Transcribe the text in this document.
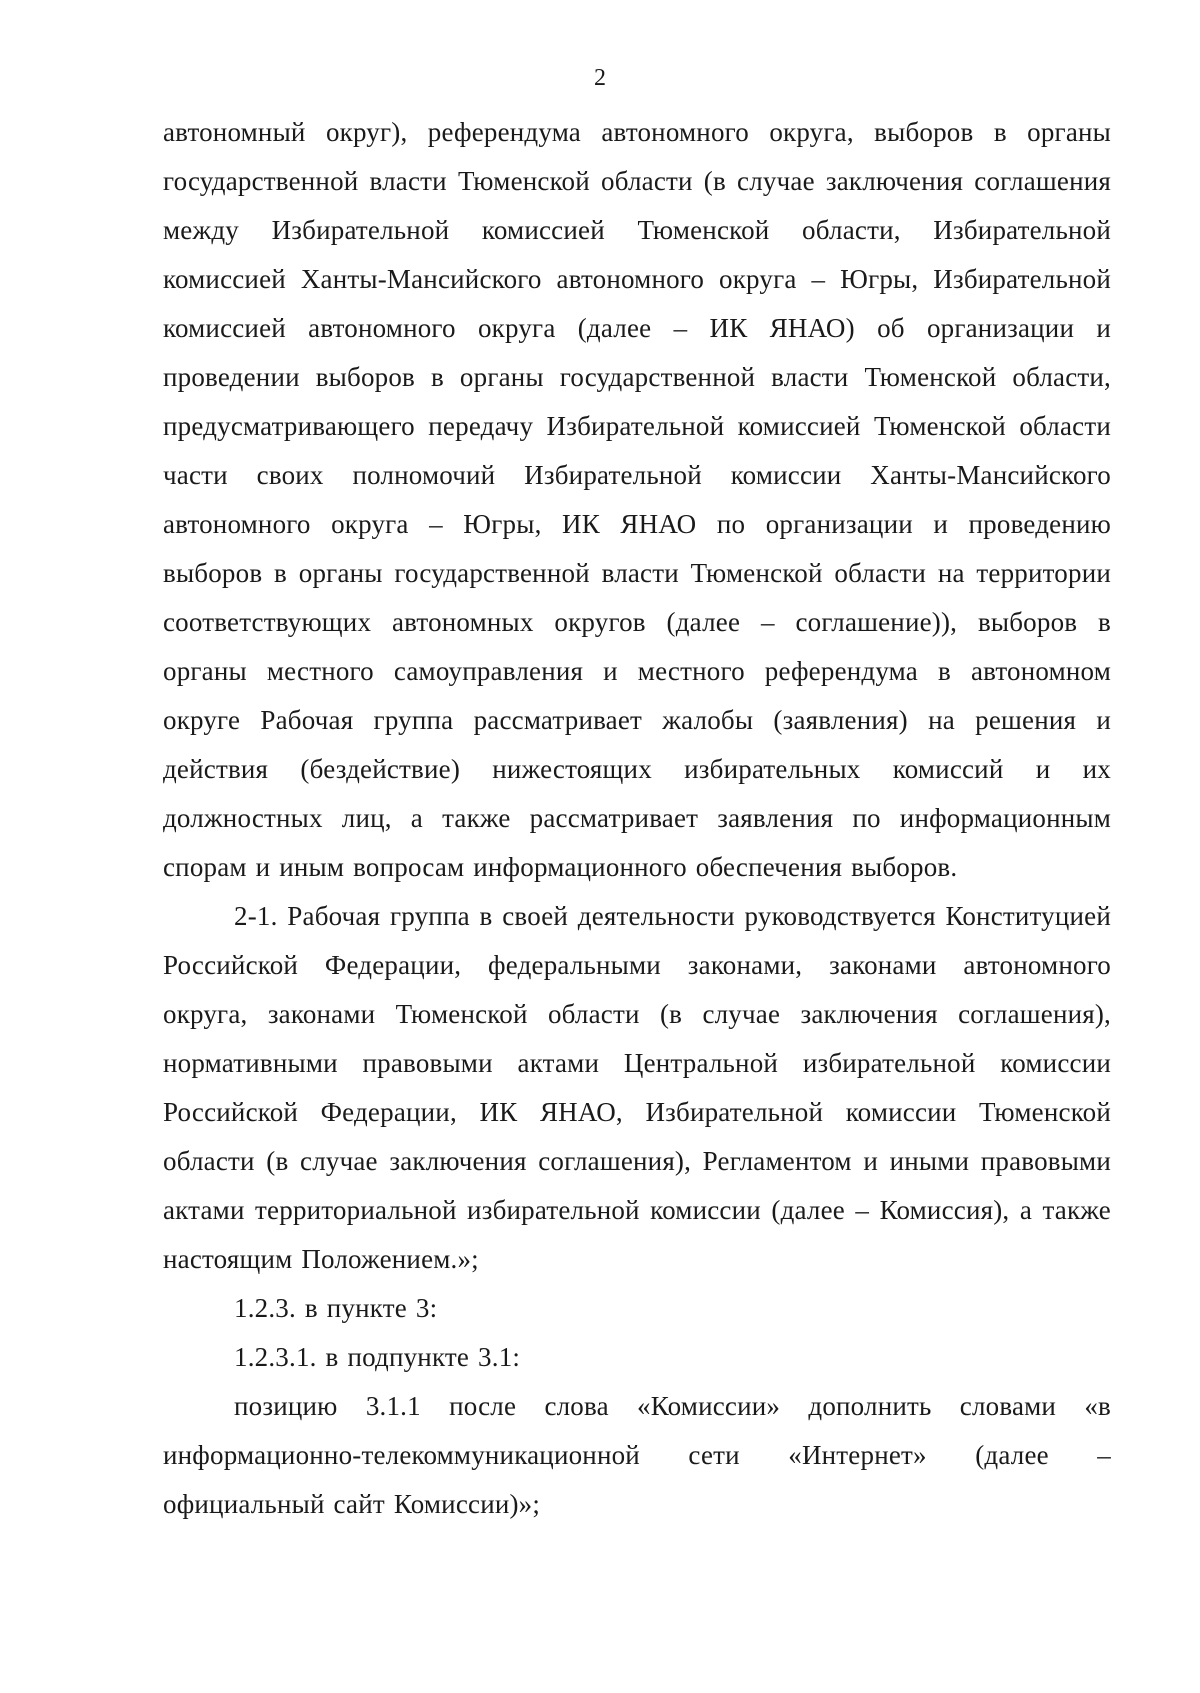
2

автономный округ), референдума автономного округа, выборов в органы государственной власти Тюменской области (в случае заключения соглашения между Избирательной комиссией Тюменской области, Избирательной комиссией Ханты-Мансийского автономного округа – Югры, Избирательной комиссией автономного округа (далее – ИК ЯНАО) об организации и проведении выборов в органы государственной власти Тюменской области, предусматривающего передачу Избирательной комиссией Тюменской области части своих полномочий Избирательной комиссии Ханты-Мансийского автономного округа – Югры, ИК ЯНАО по организации и проведению выборов в органы государственной власти Тюменской области на территории соответствующих автономных округов (далее – соглашение)), выборов в органы местного самоуправления и местного референдума в автономном округе Рабочая группа рассматривает жалобы (заявления) на решения и действия (бездействие) нижестоящих избирательных комиссий и их должностных лиц, а также рассматривает заявления по информационным спорам и иным вопросам информационного обеспечения выборов.

2-1. Рабочая группа в своей деятельности руководствуется Конституцией Российской Федерации, федеральными законами, законами автономного округа, законами Тюменской области (в случае заключения соглашения), нормативными правовыми актами Центральной избирательной комиссии Российской Федерации, ИК ЯНАО, Избирательной комиссии Тюменской области (в случае заключения соглашения), Регламентом и иными правовыми актами территориальной избирательной комиссии (далее – Комиссия), а также настоящим Положением.»;

1.2.3. в пункте 3:

1.2.3.1. в подпункте 3.1:

позицию 3.1.1 после слова «Комиссии» дополнить словами «в информационно-телекоммуникационной сети «Интернет» (далее – официальный сайт Комиссии)»;
